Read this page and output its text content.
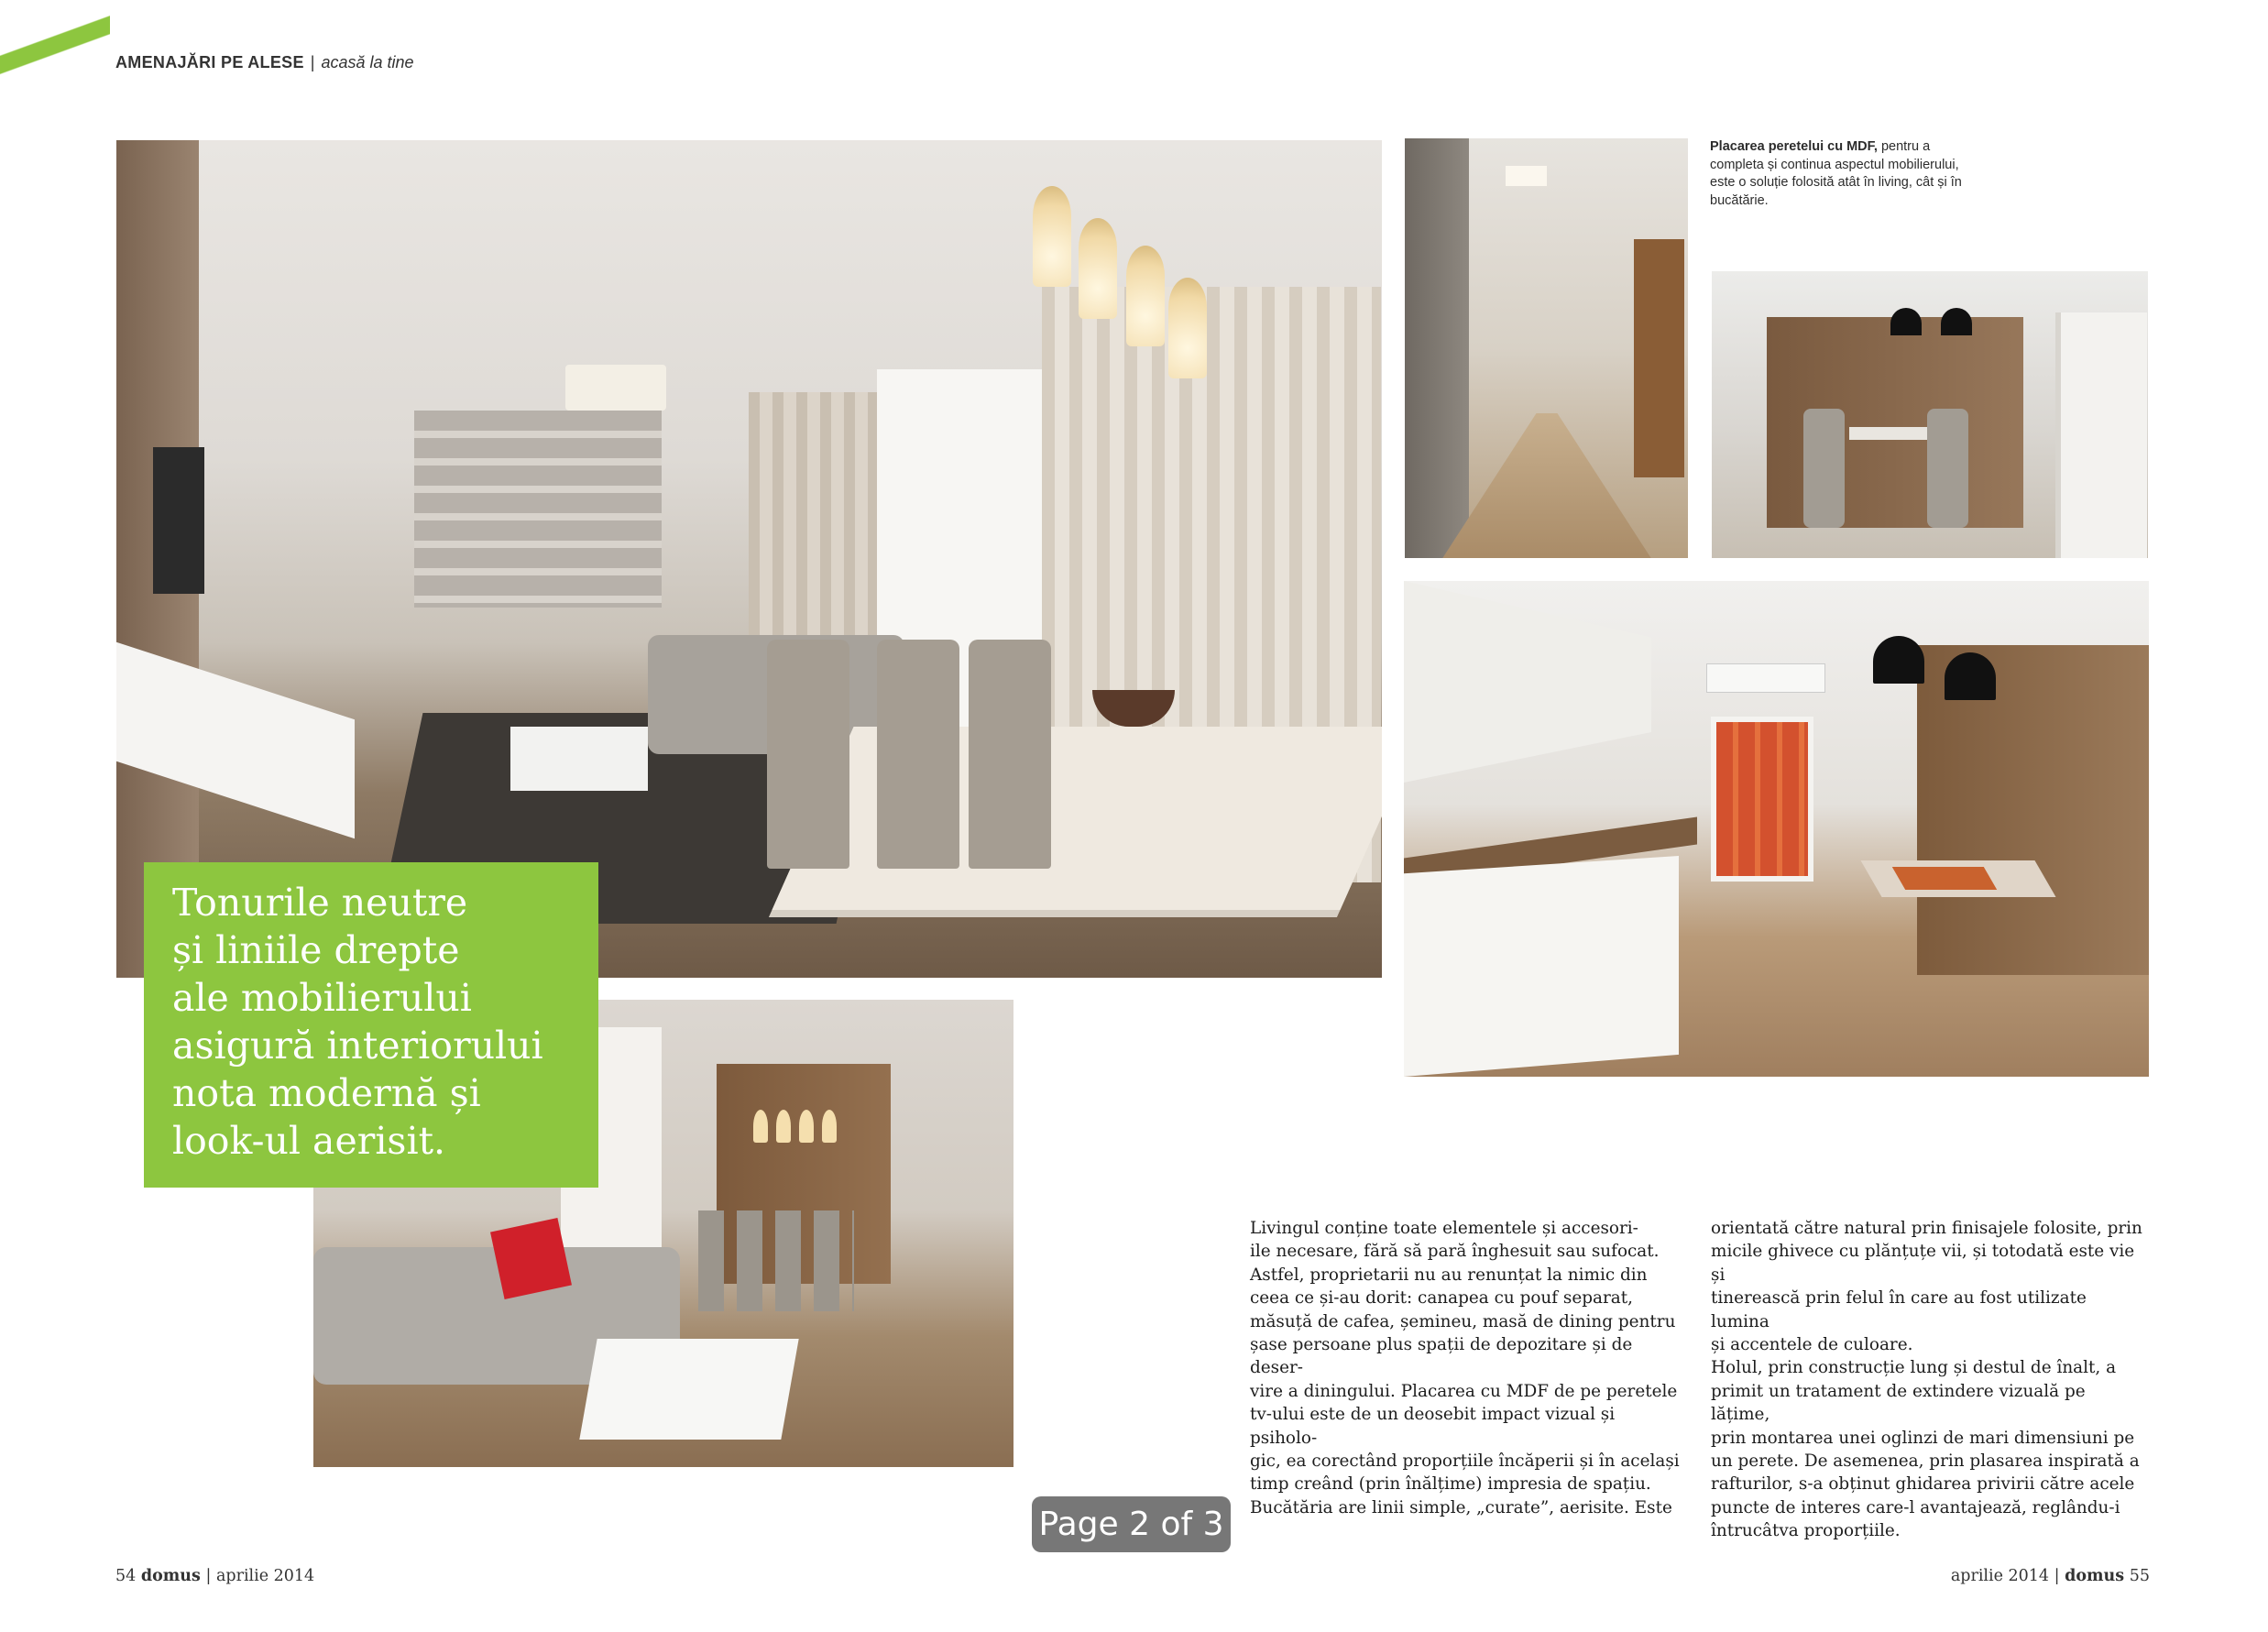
AMENAJĂRI PE ALESE | acasă la tine
Tonurile neutre
și liniile drepte
ale mobilierului
asigură interiorului
nota modernă și
look-ul aerisit.
Placarea peretelui cu MDF, pentru a completa și continua aspectul mobilierului, este o soluție folosită atât în living, cât și în bucătărie.
Livingul conține toate elementele și accesori-
ile necesare, fără să pară înghesuit sau sufocat.
Astfel, proprietarii nu au renunțat la nimic din
ceea ce și-au dorit: canapea cu pouf separat,
măsuță de cafea, șemineu, masă de dining pentru
șase persoane plus spații de depozitare și de deser-
vire a diningului. Placarea cu MDF de pe peretele
tv-ului este de un deosebit impact vizual și psiholo-
gic, ea corectând proporțiile încăperii și în același
timp creând (prin înălțime) impresia de spațiu.
Bucătăria are linii simple, „curate”, aerisite. Este
orientată către natural prin finisajele folosite, prin
micile ghivece cu plănțuțe vii, și totodată este vie și
tinerească prin felul în care au fost utilizate lumina
și accentele de culoare.
Holul, prin construcție lung și destul de înalt, a
primit un tratament de extindere vizuală pe lățime,
prin montarea unei oglinzi de mari dimensiuni pe
un perete. De asemenea, prin plasarea inspirată a
rafturilor, s-a obținut ghidarea privirii către acele
puncte de interes care-l avantajează, reglându-i
întrucâtva proporțiile.
Page 2 of 3
54 domus | aprilie 2014	aprilie 2014 | domus 55
